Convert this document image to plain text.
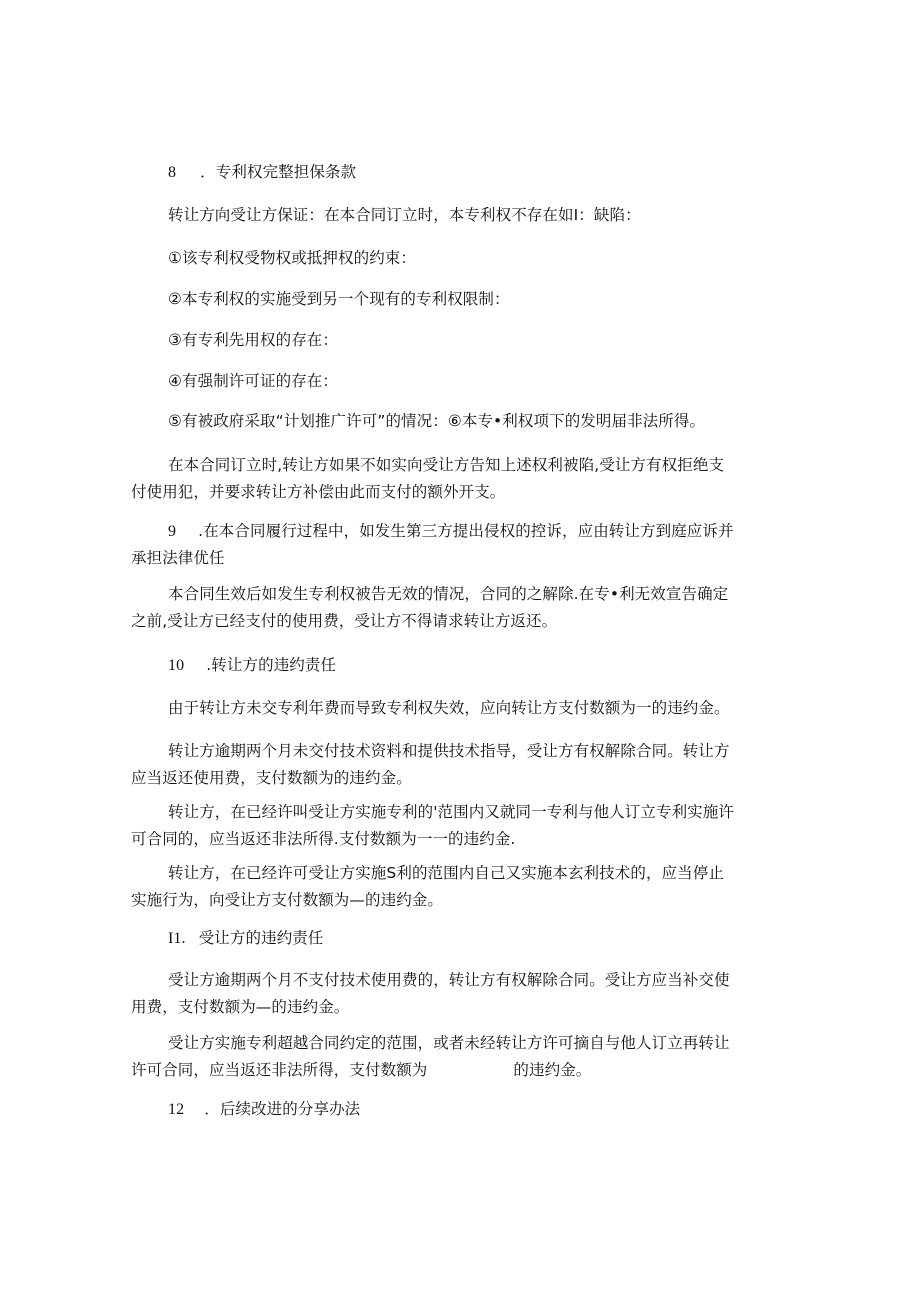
8 ．专利权完整担保条款
转让方向受让方保证：在本合同订立时，本专利权不存在如I：缺陷：
①该专利权受物权或抵押权的约束：
②本专利权的实施受到另一个现有的专利权限制：
③有专利先用权的存在：
④有强制许可证的存在：
⑤有被政府采取“计划推广许可”的情况：⑥本专•利权项下的发明届非法所得。
在本合同订立时,转让方如果不如实向受让方告知上述权利被陷,受让方有权拒绝支
付使用犯，并要求转让方补偿由此而支付的额外开支。
9 .在本合同履行过程中，如发生第三方提出侵权的控诉，应由转让方到庭应诉并
承担法律优任
本合同生效后如发生专利权被告无效的情况，合同的之解除.在专•利无效宣告确定
之前,受让方已经支付的使用费，受让方不得请求转让方返还。
10 .转让方的违约责任
由于转让方未交专利年费而导致专利权失效，应向转让方支付数额为一的违约金。
转让方逾期两个月未交付技术资料和提供技术指导，受让方有权解除合同。转让方
应当返还使用费，支付数额为的违约金。
转让方，在已经许叫受让方实施专利的'范围内又就同一专利与他人订立专利实施许
可合同的，应当返还非法所得.支付数额为一一的违约金.
转让方，在已经许可受让方实施S利的范围内自己又实施本玄利技术的，应当停止
实施行为，向受让方支付数额为—的违约金。
I1. 受让方的违约责任
受让方逾期两个月不支付技术使用费的，转让方有权解除合同。受让方应当补交使
用费，支付数额为—的违约金。
受让方实施专利超越合同约定的范围，或者未经转让方许可摘自与他人订立再转让
许可合同，应当返还非法所得，支付数额为	的违约金。
12 ．后续改进的分享办法
